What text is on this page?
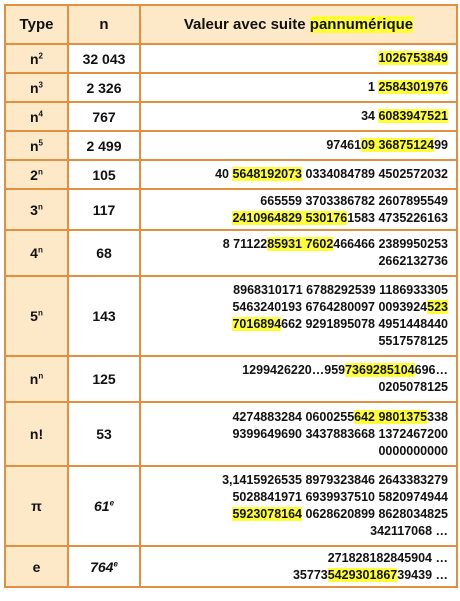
Type	n	Valeur avec suite pannumérique
$n^2$	32 043	1026753849

$n^3$	2 326	1 2584301976

$n^4$	767	34 6083947521

$n^5$	2 499	9746109 3687512499

2$^n$	105	40 5648192073 0334084789 4502572032

3$^n$	117	665559 3703386782 2607895549
2410964829 5301761583 4735226163

4$^n$	68	8 7112285931 7602466466 2389950253
2662132736

5$^n$	143	8968310171 6788292539 1186933305
5463240193 6764280097 0093924523
7016894662 9291895078 4951448440
5517578125

$n^n$	125	1299426220…9597369285104696…
0205078125

n!	53	4274883284 0600255642 9801375338
9399649690 3437883668 1372467200
0000000000

π	61e	3,1415926535 8979323846 2643383279
5028841971 6939937510 5820974944
5923078164 0628620899 8628034825
342117068 …

e	764e	271828182845904 …
35773542930186739439 …
